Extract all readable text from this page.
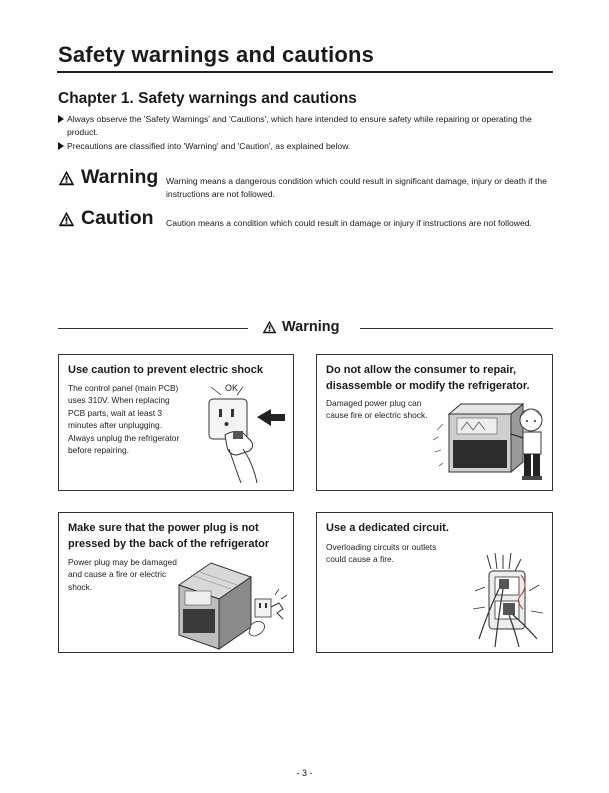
Safety warnings and cautions
Chapter 1. Safety warnings and cautions
Always observe the 'Safety Warnings' and 'Cautions', which hare intended to ensure safety while repairing or operating the product.
Precautions are classified into 'Warning' and 'Caution', as explained below.
Warning Warning means a dangerous condition which could result in significant damage, injury or death if the instructions are not followed.
Caution Caution means a condition which could result in damage or injury if instructions are not followed.
Warning
Use caution to prevent electric shock
The control panel (main PCB) uses 310V. When replacing PCB parts, wait at least 3 minutes after unplugging. Always unplug the refrigerator before repairing.
OK
Do not allow the consumer to repair, disassemble or modify the refrigerator.
Damaged power plug can cause fire or electric shock.
Make sure that the power plug is not pressed by the back of the refrigerator
Power plug may be damaged and cause a fire or electric shock.
Use a dedicated circuit.
Overloading circuits or outlets could cause a fire.
- 3 -
